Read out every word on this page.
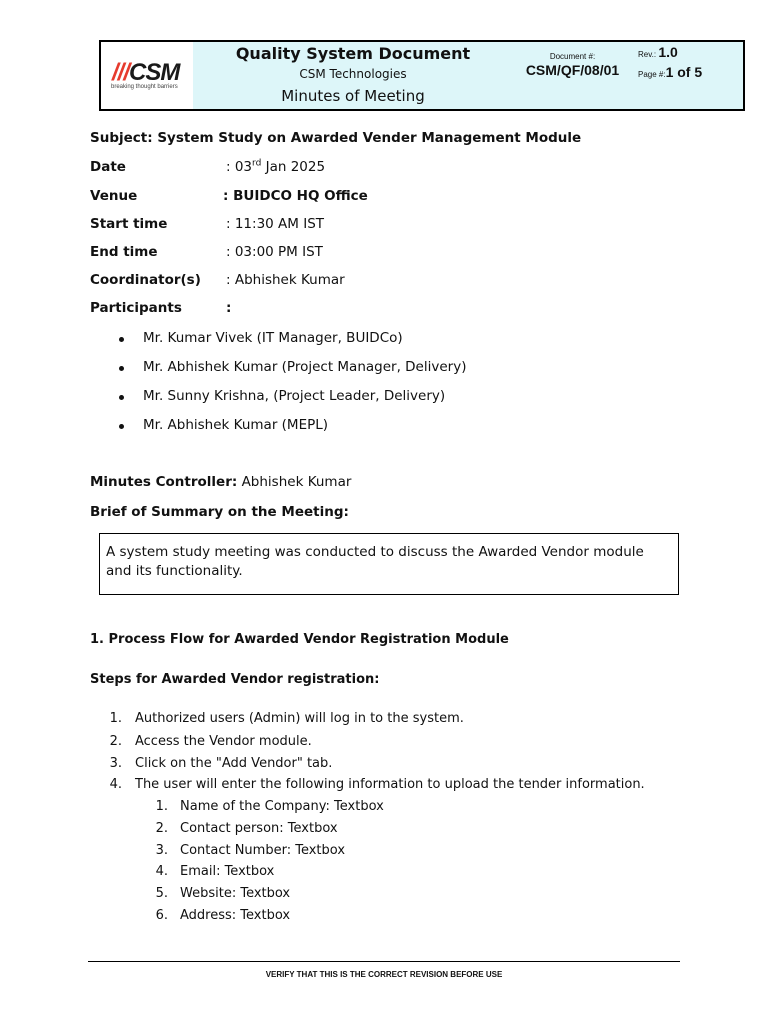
///CSM
breaking thought barriers
Quality System Document
CSM Technologies
Minutes of Meeting
Document #:
CSM/QF/08/01
Rev.: 1.0
Page #:1 of 5
Subject: System Study on Awarded Vender Management Module
Date	: 03rd Jan 2025
Venue	: BUIDCO HQ Office
Start time	: 11:30 AM IST
End time	: 03:00 PM IST
Coordinator(s) : Abhishek Kumar
Participants	:
Mr. Kumar Vivek (IT Manager, BUIDCo)
Mr. Abhishek Kumar (Project Manager, Delivery)
Mr. Sunny Krishna, (Project Leader, Delivery)
Mr. Abhishek Kumar (MEPL)
Minutes Controller: Abhishek Kumar
Brief of Summary on the Meeting:
A system study meeting was conducted to discuss the Awarded Vendor module and its functionality.
1. Process Flow for Awarded Vendor Registration Module
Steps for Awarded Vendor registration:
1. Authorized users (Admin) will log in to the system.
2. Access the Vendor module.
3. Click on the "Add Vendor" tab.
4. The user will enter the following information to upload the tender information.
1. Name of the Company: Textbox
2. Contact person: Textbox
3. Contact Number: Textbox
4. Email: Textbox
5. Website: Textbox
6. Address: Textbox
VERIFY THAT THIS IS THE CORRECT REVISION BEFORE USE
